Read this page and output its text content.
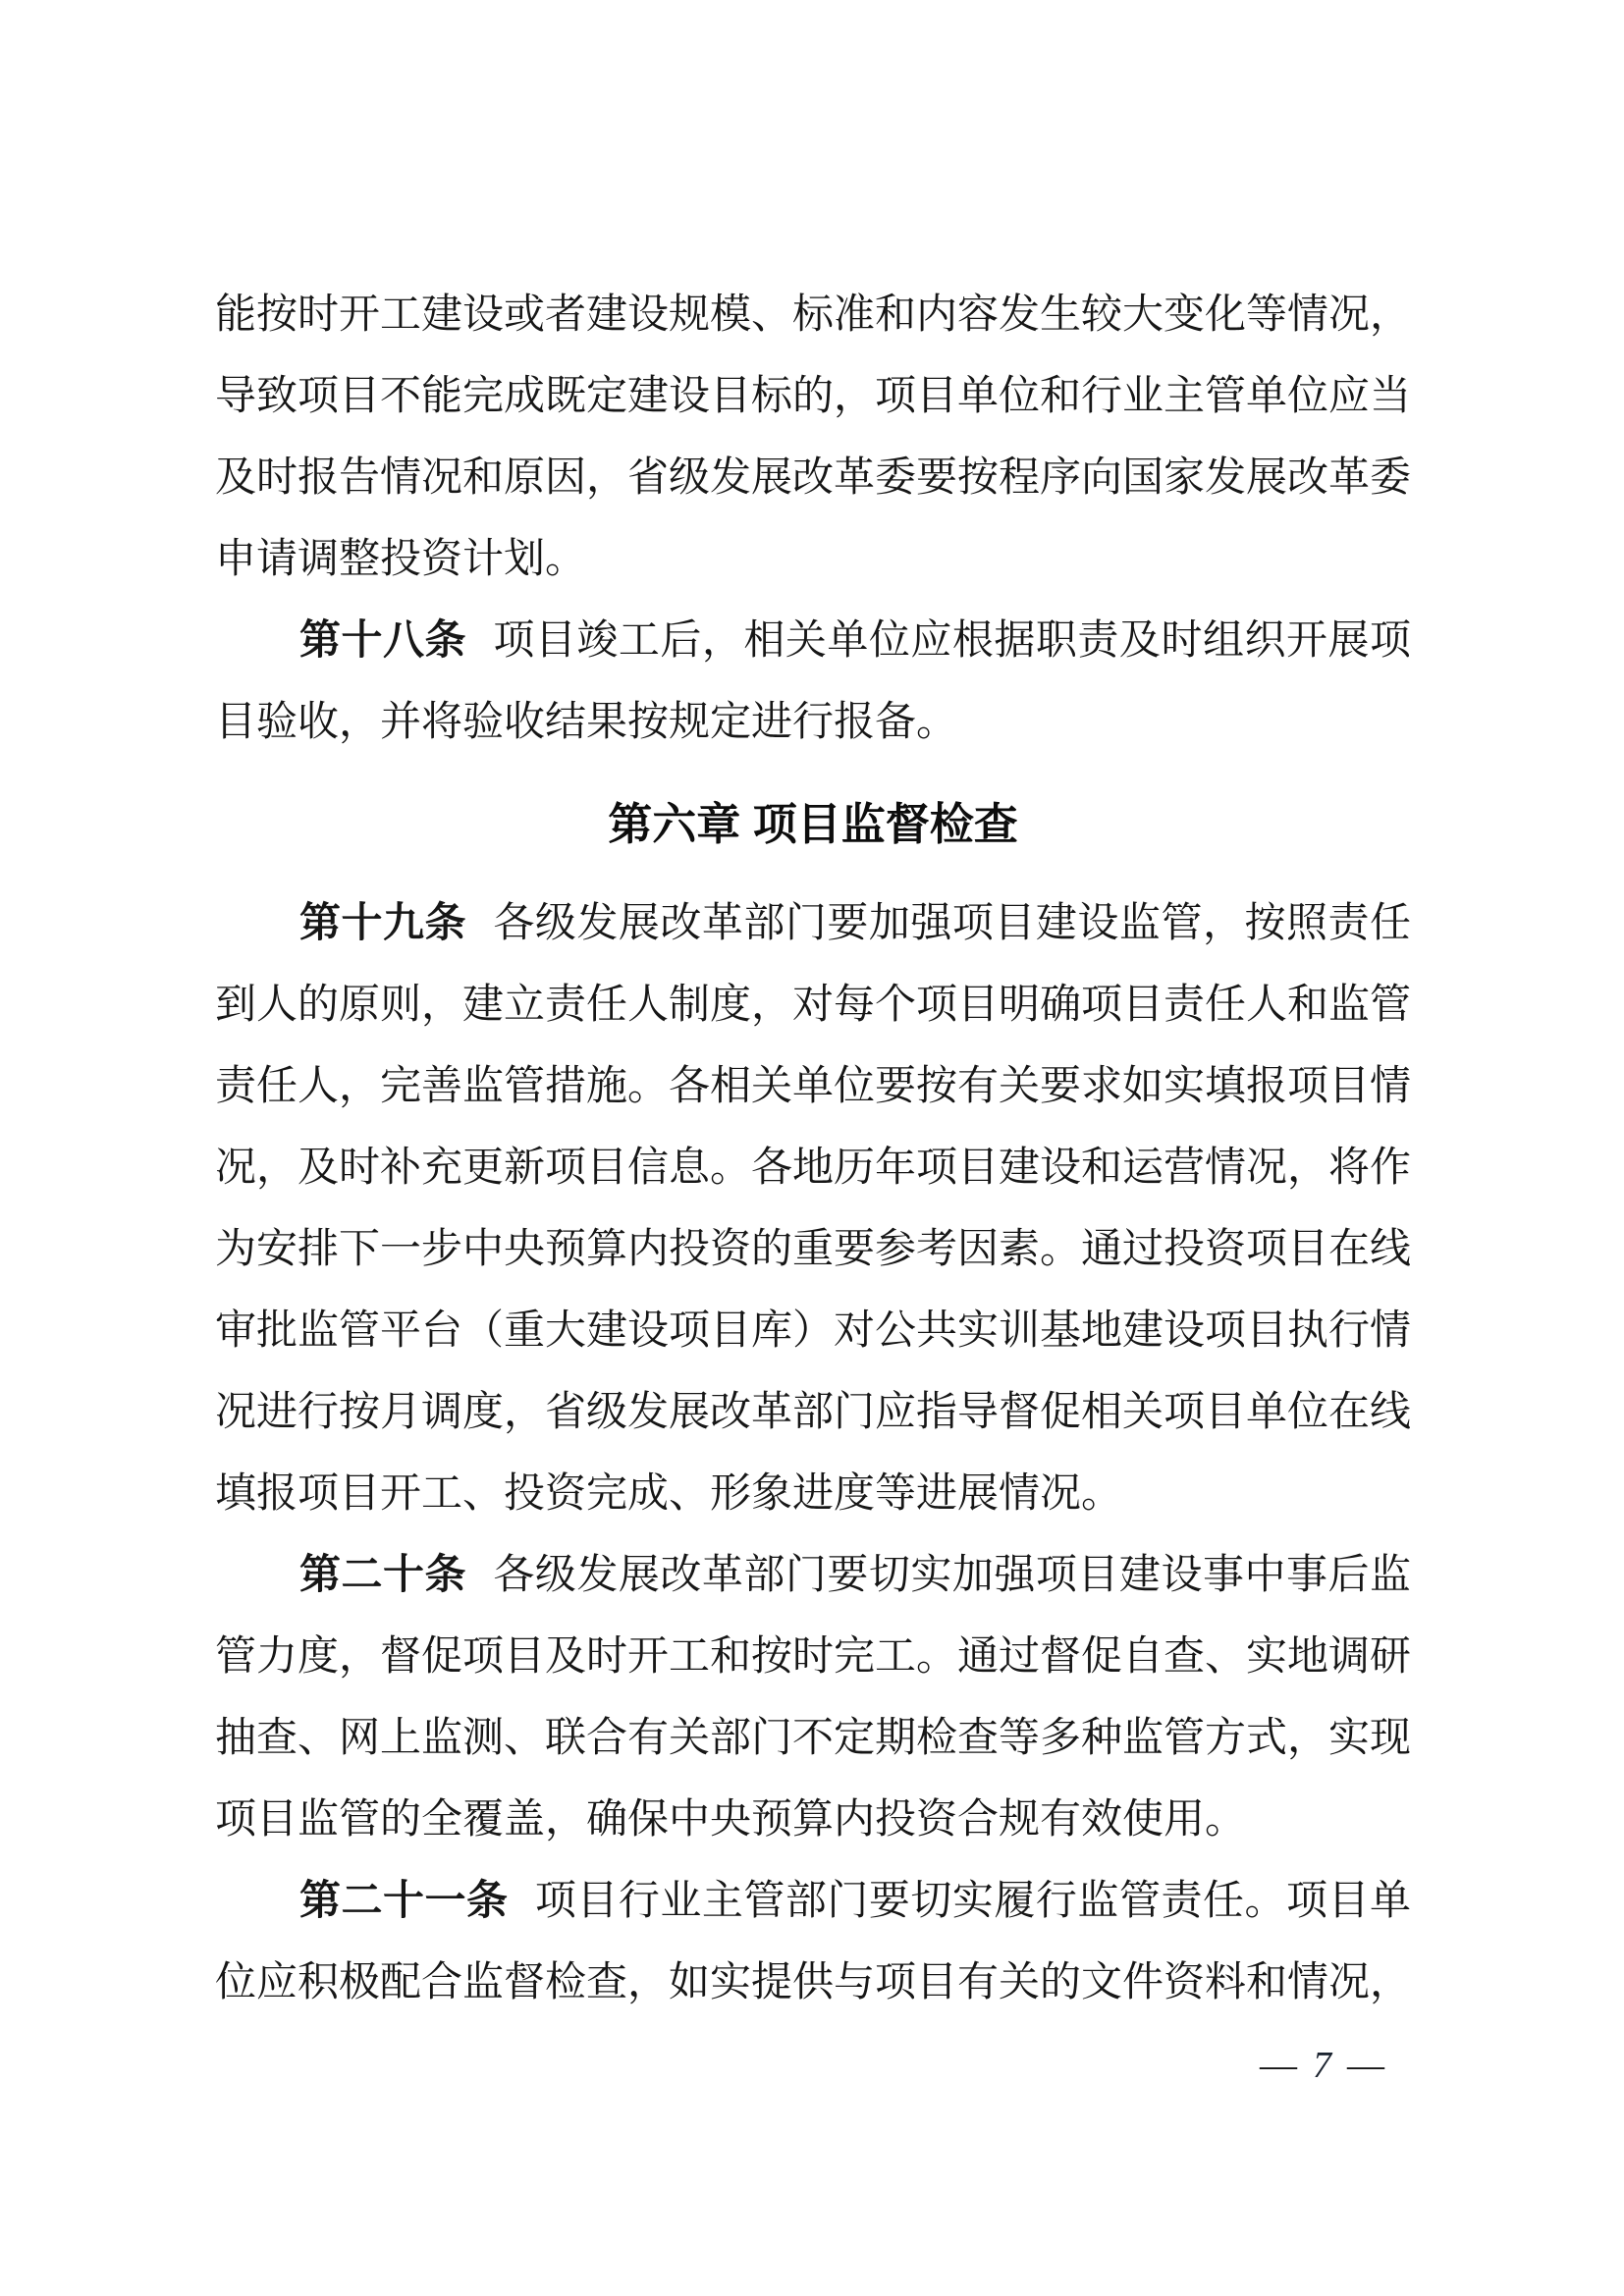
能按时开工建设或者建设规模、标准和内容发生较大变化等情况，

导致项目不能完成既定建设目标的，项目单位和行业主管单位应当

及时报告情况和原因，省级发展改革委要按程序向国家发展改革委

申请调整投资计划。

第十八条 项目竣工后，相关单位应根据职责及时组织开展项

目验收，并将验收结果按规定进行报备。

第六章 项目监督检查

第十九条 各级发展改革部门要加强项目建设监管，按照责任

到人的原则，建立责任人制度，对每个项目明确项目责任人和监管

责任人，完善监管措施。各相关单位要按有关要求如实填报项目情

况，及时补充更新项目信息。各地历年项目建设和运营情况，将作

为安排下一步中央预算内投资的重要参考因素。通过投资项目在线

审批监管平台（重大建设项目库）对公共实训基地建设项目执行情

况进行按月调度，省级发展改革部门应指导督促相关项目单位在线

填报项目开工、投资完成、形象进度等进展情况。

第二十条 各级发展改革部门要切实加强项目建设事中事后监

管力度，督促项目及时开工和按时完工。通过督促自查、实地调研

抽查、网上监测、联合有关部门不定期检查等多种监管方式，实现

项目监管的全覆盖，确保中央预算内投资合规有效使用。

第二十一条 项目行业主管部门要切实履行监管责任。项目单

位应积极配合监督检查，如实提供与项目有关的文件资料和情况，

— 7 —
